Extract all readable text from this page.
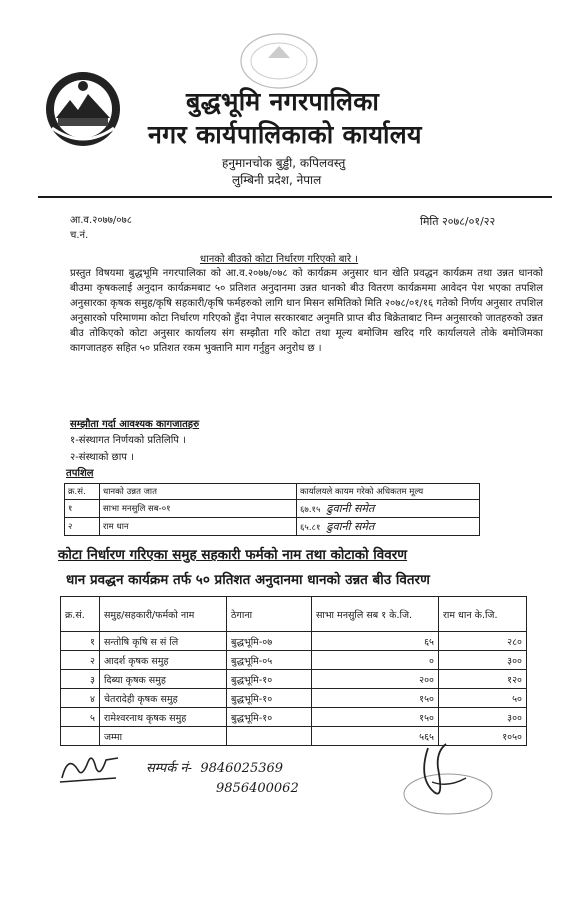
बुद्धभूमि नगरपालिका
नगर कार्यपालिकाको कार्यालय
हनुमानचोक बुड्ढी, कपिलवस्तु
लुम्बिनी प्रदेश, नेपाल
आ.व.२०७७/०७८
च.नं.
मिति २०७८/०१/२२
धानको बीउको कोटा निर्धारण गरिएको बारे ।
प्रस्तुत विषयमा बुद्धभूमि नगरपालिका को आ.व.२०७७/०७८ को कार्यक्रम अनुसार धान खेति प्रवद्धन कार्यक्रम तथा उन्नत धानको बीउमा कृषकलाई अनुदान कार्यक्रमबाट ५० प्रतिशत अनुदानमा उन्नत धानको बीउ वितरण कार्यक्रममा आवेदन पेश भएका तपशिल अनुसारका कृषक समुह/कृषि सहकारी/कृषि फर्महरुको लागि धान मिसन समितिको मिति २०७८/०१/१६ गतेको निर्णय अनुसार तपशिल अनुसारको परिमाणमा कोटा निर्धारण गरिएको हुँदा नेपाल सरकारबाट अनुमति प्राप्त बीउ बिक्रेताबाट निम्न अनुसारको जातहरुको उन्नत बीउ तोकिएको कोटा अनुसार कार्यालय संग सम्झौता गरि कोटा तथा मूल्य बमोजिम खरिद गरि कार्यालयले तोके बमोजिमका कागजातहरु सहित ५० प्रतिशत रकम भुक्तानि माग गर्नुहुन अनुरोध छ ।
सम्झौता गर्दा आवश्यक कागजातहरु
१-संस्थागत निर्णयको प्रतिलिपि ।
२-संस्थाको छाप ।
तपशिल
क्र.सं.	धानको उन्नत जात	कार्यालयले कायम गरेको अधिकतम मूल्य
१	साभा मनसुलि सब-०१	६७.१५ ढुवानी समेत
२	राम धान	६५.८१ ढुवानी समेत
कोटा निर्धारण गरिएका समुह सहकारी फर्मको नाम तथा कोटाको विवरण
धान प्रवद्धन कार्यक्रम तर्फ ५० प्रतिशत अनुदानमा धानको उन्नत बीउ वितरण
क्र.सं.	समुह/सहकारी/फर्मको नाम	ठेगाना	साभा मनसुलि सब १ के.जि.	राम धान के.जि.
१	सन्तोषि कृषि स सं लि	बुद्धभूमि-०७	६५	२८०
२	आदर्श कृषक समुह	बुद्धभूमि-०५	०	३००
३	दिब्या कृषक समुह	बुद्धभूमि-१०	२००	१२०
४	चेतरादेही कृषक समुह	बुद्धभूमि-१०	१५०	५०
५	रामेश्वरनाथ कृषक समुह	बुद्धभूमि-१०	१५०	३००
	जम्मा		५६५	१०५०
सम्पर्क नं- 9846025369
9856400062
